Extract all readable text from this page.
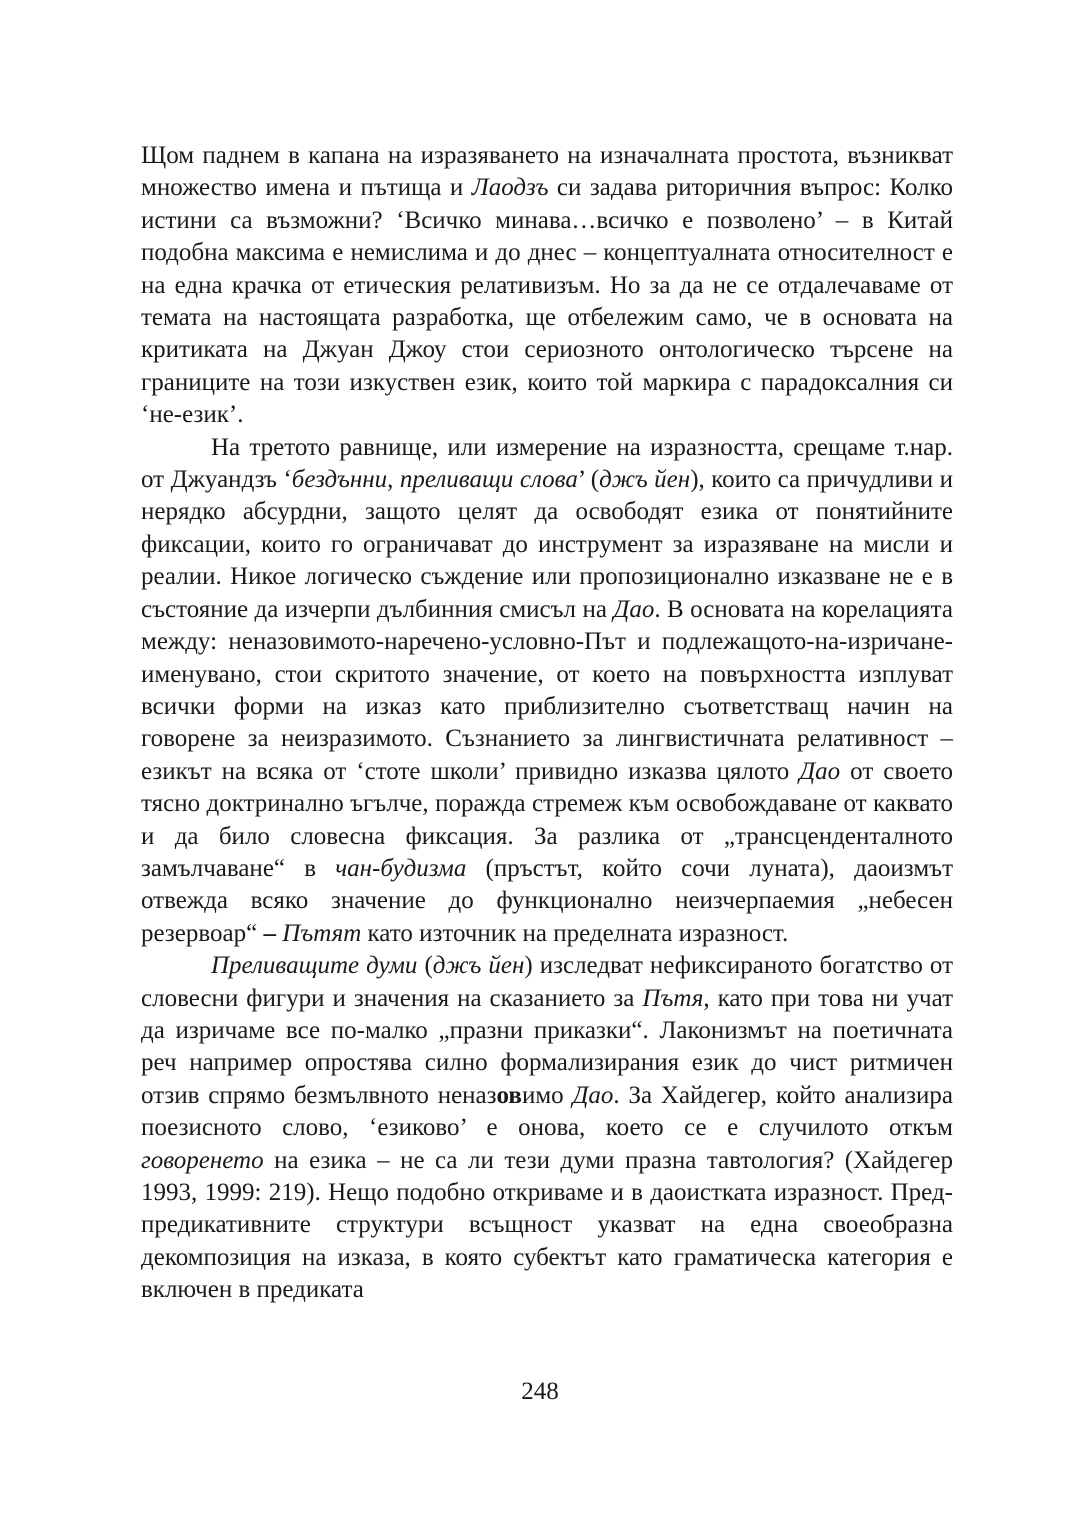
Щом паднем в капана на изразяването на изначалната простота, възникват множество имена и пътища и Лаодзъ си задава риторичния въпрос: Колко истини са възможни? ‘Всичко минава…всичко е позволено’ – в Китай подобна максима е немислима и до днес – концептуалната относителност е на една крачка от етическия релативизъм. Но за да не се отдалечаваме от темата на настоящата разработка, ще отбележим само, че в основата на критиката на Джуан Джоу стои сериозното онтологическо търсене на границите на този изкуствен език, които той маркира с парадоксалния си ‘не-език’.

На третото равнище, или измерение на изразността, срещаме т.нар. от Джуандзъ ‘бездънни, преливащи слова’ (джъ йен), които са причудливи и нерядко абсурдни, защото целят да освободят езика от понятийните фиксации, които го ограничават до инструмент за изразяване на мисли и реалии. Никое логическо съждение или пропозиционално изказване не е в състояние да изчерпи дълбинния смисъл на Дао. В основата на корелацията между: неназовимото-наречено-условно-Път и подлежащото-на-изричане-именувано, стои скритото значение, от което на повърхността изплуват всички форми на изказ като приблизително съответстващ начин на говорене за неизразимото. Съзнанието за лингвистичната релативност – езикът на всяка от ‘стоте школи’ привидно изказва цялото Дао от своето тясно доктринално ъгълче, поражда стремеж към освобождаване от каквато и да било словесна фиксация. За разлика от „трансценденталното замълчаване“ в чан-будизма (пръстът, който сочи луната), даоизмът отвежда всяко значение до функционално неизчерпаемия „небесен резервоар“ – Пътят като източник на пределната изразност.

Преливащите думи (джъ йен) изследват нефиксираното богатство от словесни фигури и значения на сказанието за Пътя, като при това ни учат да изричаме все по-малко „празни приказки“. Лаконизмът на поетичната реч например опростява силно формализирания език до чист ритмичен отзив спрямо безмълвното неназовимо Дао. За Хайдегер, който анализира поезисното слово, ‘езиково’ е онова, което се е случилото откъм говоренето на езика – не са ли тези думи празна тавтология? (Хайдегер 1993, 1999: 219). Нещо подобно откриваме и в даоистката изразност. Пред-предикативните структури всъщност указват на една своеобразна декомпозиция на изказа, в която субектът като граматическа категория е включен в предиката

248
